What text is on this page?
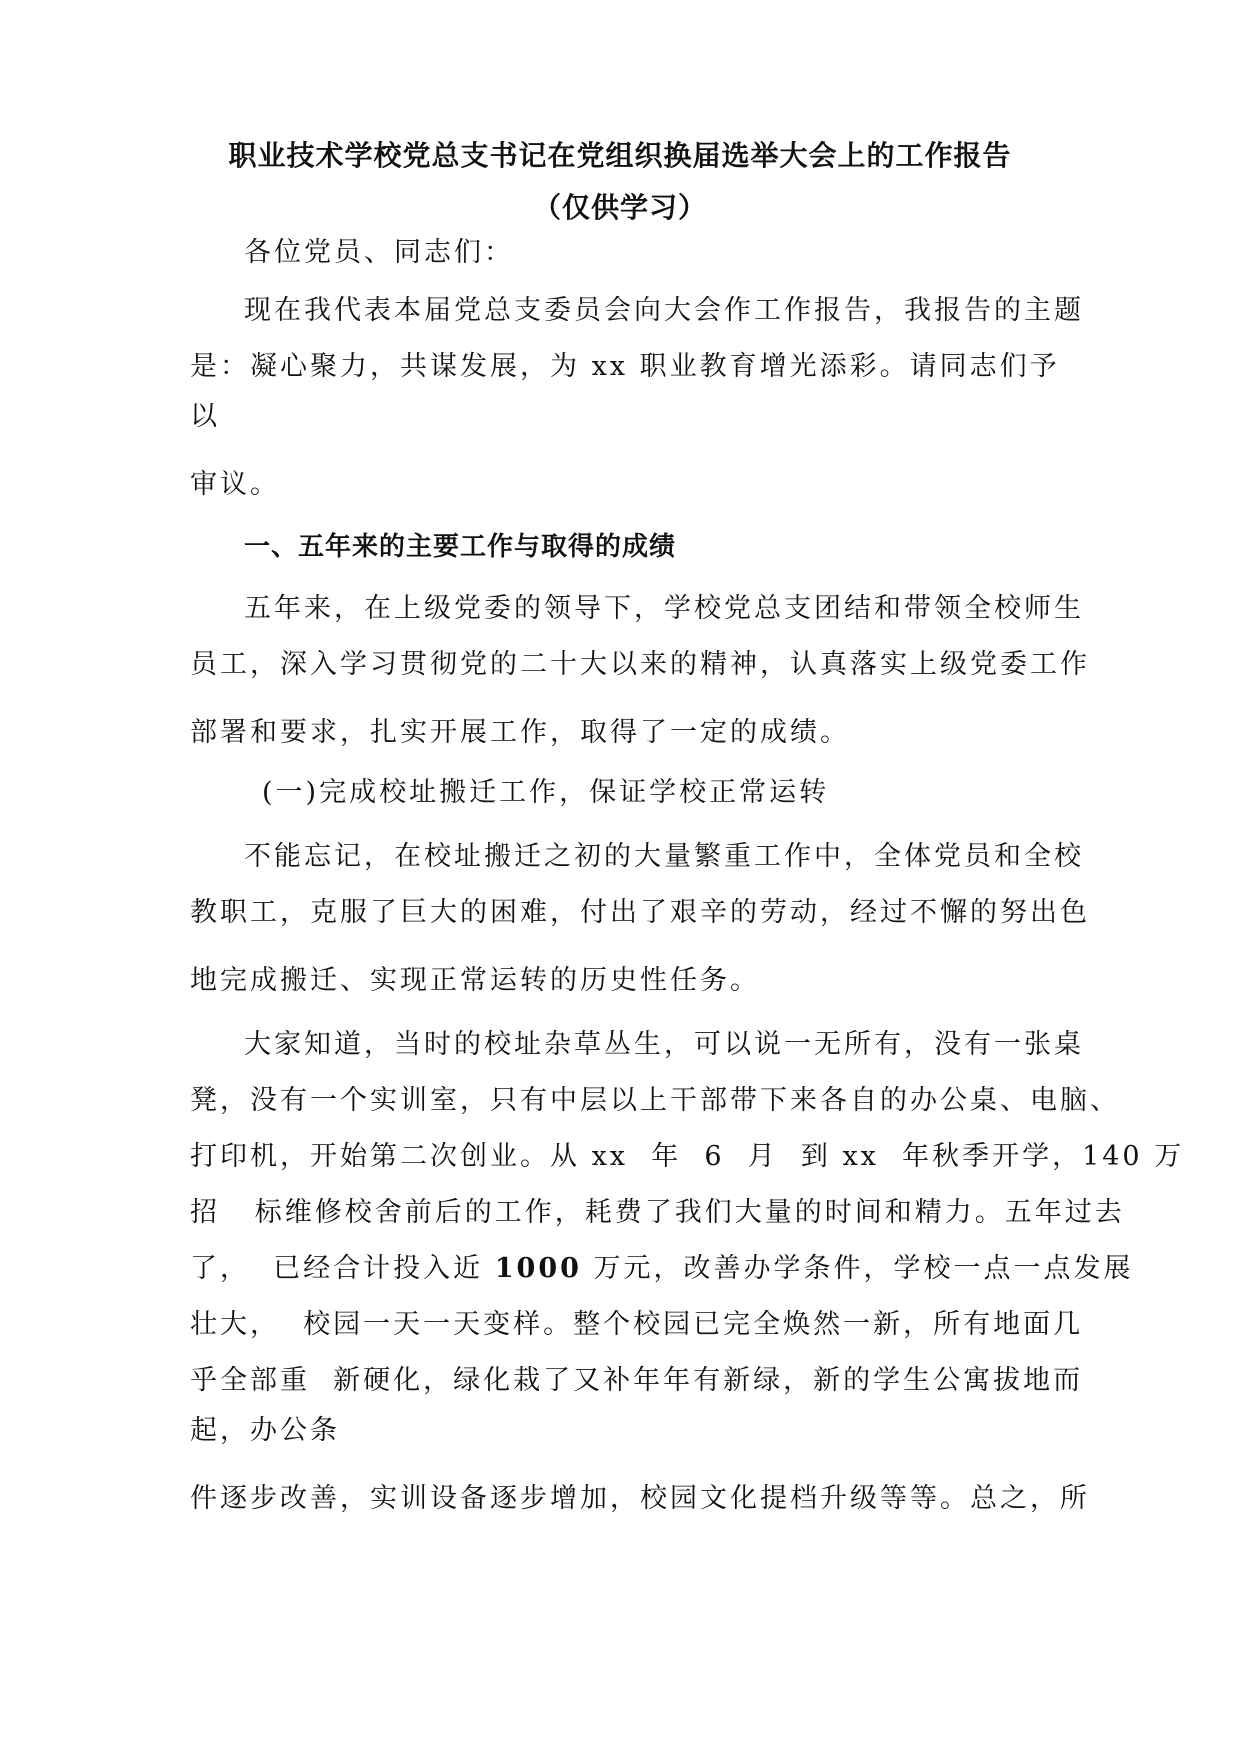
职业技术学校党总支书记在党组织换届选举大会上的工作报告
（仅供学习）
各位党员、同志们：
现在我代表本届党总支委员会向大会作工作报告，我报告的主题
是：凝心聚力，共谋发展，为 xx 职业教育增光添彩。请同志们予
以
审议。
一、五年来的主要工作与取得的成绩
五年来，在上级党委的领导下，学校党总支团结和带领全校师生
员工，深入学习贯彻党的二十大以来的精神，认真落实上级党委工作
部署和要求，扎实开展工作，取得了一定的成绩。
(一)完成校址搬迁工作，保证学校正常运转
不能忘记，在校址搬迁之初的大量繁重工作中，全体党员和全校
教职工，克服了巨大的困难，付出了艰辛的劳动，经过不懈的努出色
地完成搬迁、实现正常运转的历史性任务。
大家知道，当时的校址杂草丛生，可以说一无所有，没有一张桌
凳，没有一个实训室，只有中层以上干部带下来各自的办公桌、电脑、
打印机，开始第二次创业。从 xx  年  6  月  到 xx  年秋季开学，140 万
招   标维修校舍前后的工作，耗费了我们大量的时间和精力。五年过去
了，  已经合计投入近 1000 万元，改善办学条件，学校一点一点发展
壮大，  校园一天一天变样。整个校园已完全焕然一新，所有地面几
乎全部重  新硬化，绿化栽了又补年年有新绿，新的学生公寓拔地而
起，办公条
件逐步改善，实训设备逐步增加，校园文化提档升级等等。总之，所
